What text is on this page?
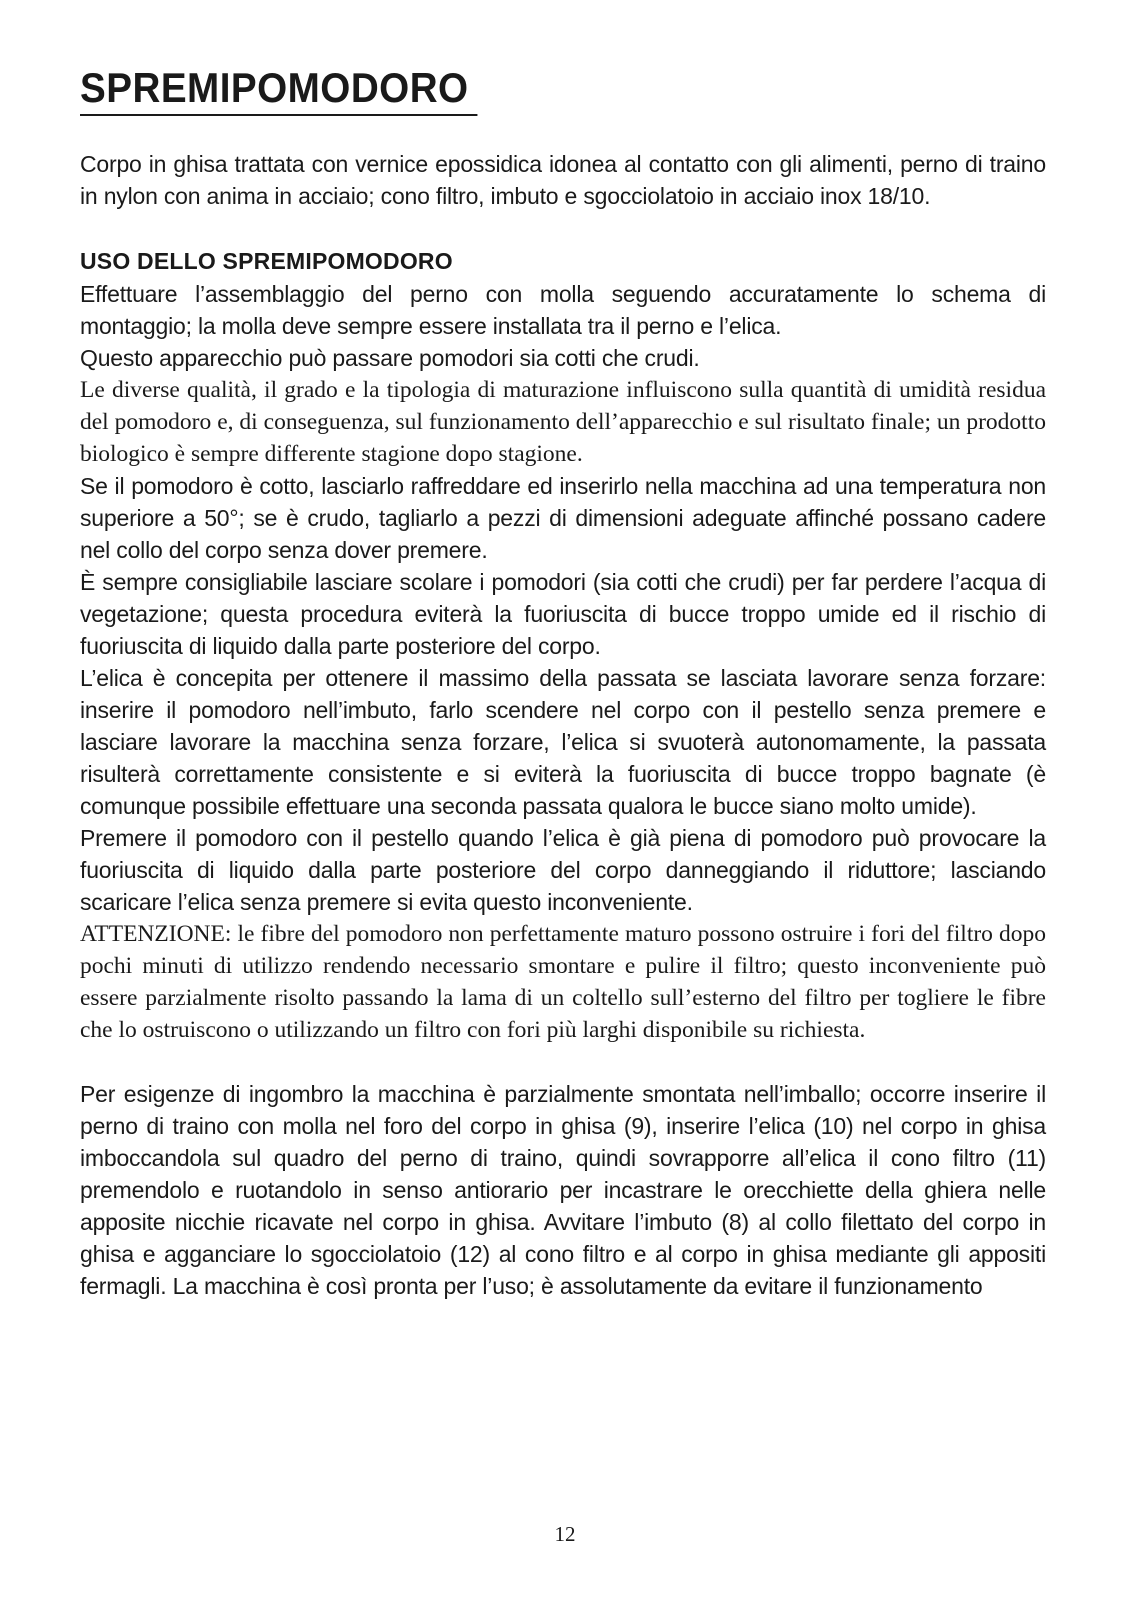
SPREMIPOMODORO

Corpo in ghisa trattata con vernice epossidica idonea al contatto con gli alimenti, perno di traino in nylon con anima in acciaio; cono filtro, imbuto e sgocciolatoio in acciaio inox 18/10.

USO DELLO SPREMIPOMODORO

Effettuare l’assemblaggio del perno con molla seguendo accuratamente lo schema di montaggio; la molla deve sempre essere installata tra il perno e l’elica.

Questo apparecchio può passare pomodori sia cotti che crudi.

Le diverse qualità, il grado e la tipologia di maturazione influiscono sulla quantità di umidità residua del pomodoro e, di conseguenza, sul funzionamento dell’apparecchio e sul risultato finale; un prodotto biologico è sempre differente stagione dopo stagione.

Se il pomodoro è cotto, lasciarlo raffreddare ed inserirlo nella macchina ad una temperatura non superiore a 50°; se è crudo, tagliarlo a pezzi di dimensioni adeguate affinché possano cadere nel collo del corpo senza dover premere.

È sempre consigliabile lasciare scolare i pomodori (sia cotti che crudi) per far perdere l’acqua di vegetazione; questa procedura eviterà la fuoriuscita di bucce troppo umide ed il rischio di fuoriuscita di liquido dalla parte posteriore del corpo.

L’elica è concepita per ottenere il massimo della passata se lasciata lavorare senza forzare: inserire il pomodoro nell’imbuto, farlo scendere nel corpo con il pestello senza premere e lasciare lavorare la macchina senza forzare, l’elica si svuoterà autonomamente, la passata risulterà correttamente consistente e si eviterà la fuoriuscita di bucce troppo bagnate (è comunque possibile effettuare una seconda passata qualora le bucce siano molto umide).

Premere il pomodoro con il pestello quando l’elica è già piena di pomodoro può provocare la fuoriuscita di liquido dalla parte posteriore del corpo danneggiando il riduttore; lasciando scaricare l’elica senza premere si evita questo inconveniente.

ATTENZIONE: le fibre del pomodoro non perfettamente maturo possono ostruire i fori del filtro dopo pochi minuti di utilizzo rendendo necessario smontare e pulire il filtro; questo inconveniente può essere parzialmente risolto passando la lama di un coltello sull’esterno del filtro per togliere le fibre che lo ostruiscono o utilizzando un filtro con fori più larghi disponibile su richiesta.

Per esigenze di ingombro la macchina è parzialmente smontata nell’imballo; occorre inserire il perno di traino con molla nel foro del corpo in ghisa (9), inserire l’elica (10) nel corpo in ghisa imboccandola sul quadro del perno di traino, quindi sovrapporre all’elica il cono filtro (11) premendolo e ruotandolo in senso antiorario per incastrare le orecchiette della ghiera nelle apposite nicchie ricavate nel corpo in ghisa. Avvitare l’imbuto (8) al collo filettato del corpo in ghisa e agganciare lo sgocciolatoio (12) al cono filtro e al corpo in ghisa mediante gli appositi fermagli. La macchina è così pronta per l’uso; è assolutamente da evitare il funzionamento

12
